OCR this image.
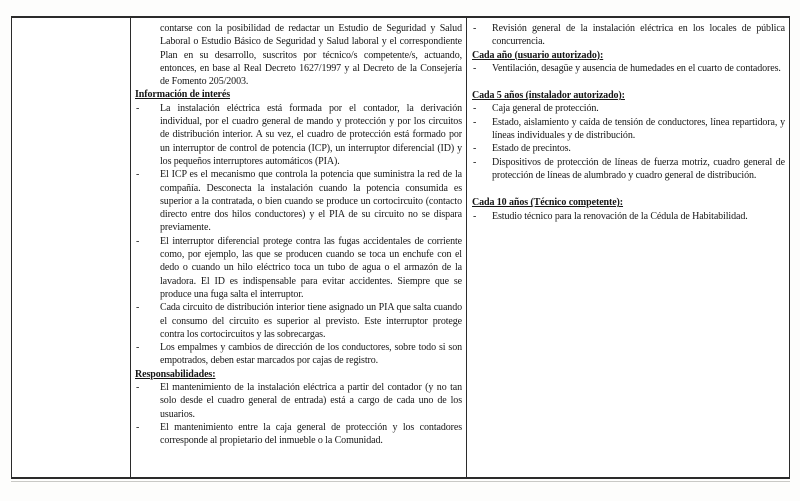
contarse con la posibilidad de redactar un Estudio de Seguridad y Salud Laboral o Estudio Básico de Seguridad y Salud laboral y el correspondiente Plan en su desarrollo, suscritos por técnico/s competente/s, actuando, entonces, en base al Real Decreto 1627/1997 y al Decreto de la Consejería de Fomento 205/2003.
Información de interés
- La instalación eléctrica está formada por el contador, la derivación individual, por el cuadro general de mando y protección y por los circuitos de distribución interior. A su vez, el cuadro de protección está formado por un interruptor de control de potencia (ICP), un interruptor diferencial (ID) y los pequeños interruptores automáticos (PIA).
- El ICP es el mecanismo que controla la potencia que suministra la red de la compañía. Desconecta la instalación cuando la potencia consumida es superior a la contratada, o bien cuando se produce un cortocircuito (contacto directo entre dos hilos conductores) y el PIA de su circuito no se dispara previamente.
- El interruptor diferencial protege contra las fugas accidentales de corriente como, por ejemplo, las que se producen cuando se toca un enchufe con el dedo o cuando un hilo eléctrico toca un tubo de agua o el armazón de la lavadora. El ID es indispensable para evitar accidentes. Siempre que se produce una fuga salta el interruptor.
- Cada circuito de distribución interior tiene asignado un PIA que salta cuando el consumo del circuito es superior al previsto. Este interruptor protege contra los cortocircuitos y las sobrecargas.
- Los empalmes y cambios de dirección de los conductores, sobre todo si son empotrados, deben estar marcados por cajas de registro.
Responsabilidades:
- El mantenimiento de la instalación eléctrica a partir del contador (y no tan solo desde el cuadro general de entrada) está a cargo de cada uno de los usuarios.
- El mantenimiento entre la caja general de protección y los contadores corresponde al propietario del inmueble o la Comunidad.
- Revisión general de la instalación eléctrica en los locales de pública concurrencia.
Cada año (usuario autorizado):
- Ventilación, desagüe y ausencia de humedades en el cuarto de contadores.
Cada 5 años (instalador autorizado):
- Caja general de protección.
- Estado, aislamiento y caída de tensión de conductores, línea repartidora, y líneas individuales y de distribución.
- Estado de precintos.
- Dispositivos de protección de líneas de fuerza motriz, cuadro general de protección de líneas de alumbrado y cuadro general de distribución.
Cada 10 años (Técnico competente):
- Estudio técnico para la renovación de la Cédula de Habitabilidad.
